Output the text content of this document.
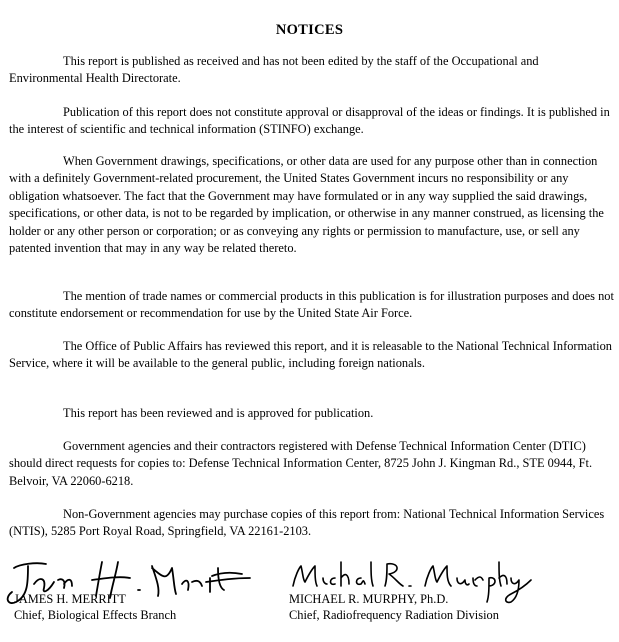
NOTICES

This report is published as received and has not been edited by the staff of the Occupational and Environmental Health Directorate.

Publication of this report does not constitute approval or disapproval of the ideas or findings. It is published in the interest of scientific and technical information (STINFO) exchange.

When Government drawings, specifications, or other data are used for any purpose other than in connection with a definitely Government-related procurement, the United States Government incurs no responsibility or any obligation whatsoever. The fact that the Government may have formulated or in any way supplied the said drawings, specifications, or other data, is not to be regarded by implication, or otherwise in any manner construed, as licensing the holder or any other person or corporation; or as conveying any rights or permission to manufacture, use, or sell any patented invention that may in any way be related thereto.

The mention of trade names or commercial products in this publication is for illustration purposes and does not constitute endorsement or recommendation for use by the United State Air Force.

The Office of Public Affairs has reviewed this report, and it is releasable to the National Technical Information Service, where it will be available to the general public, including foreign nationals.

This report has been reviewed and is approved for publication.

Government agencies and their contractors registered with Defense Technical Information Center (DTIC) should direct requests for copies to: Defense Technical Information Center, 8725 John J. Kingman Rd., STE 0944, Ft. Belvoir, VA 22060-6218.

Non-Government agencies may purchase copies of this report from: National Technical Information Services (NTIS), 5285 Port Royal Road, Springfield, VA 22161-2103.

JAMES H. MERRITT
Chief, Biological Effects Branch
MICHAEL R. MURPHY, Ph.D.
Chief, Radiofrequency Radiation Division
